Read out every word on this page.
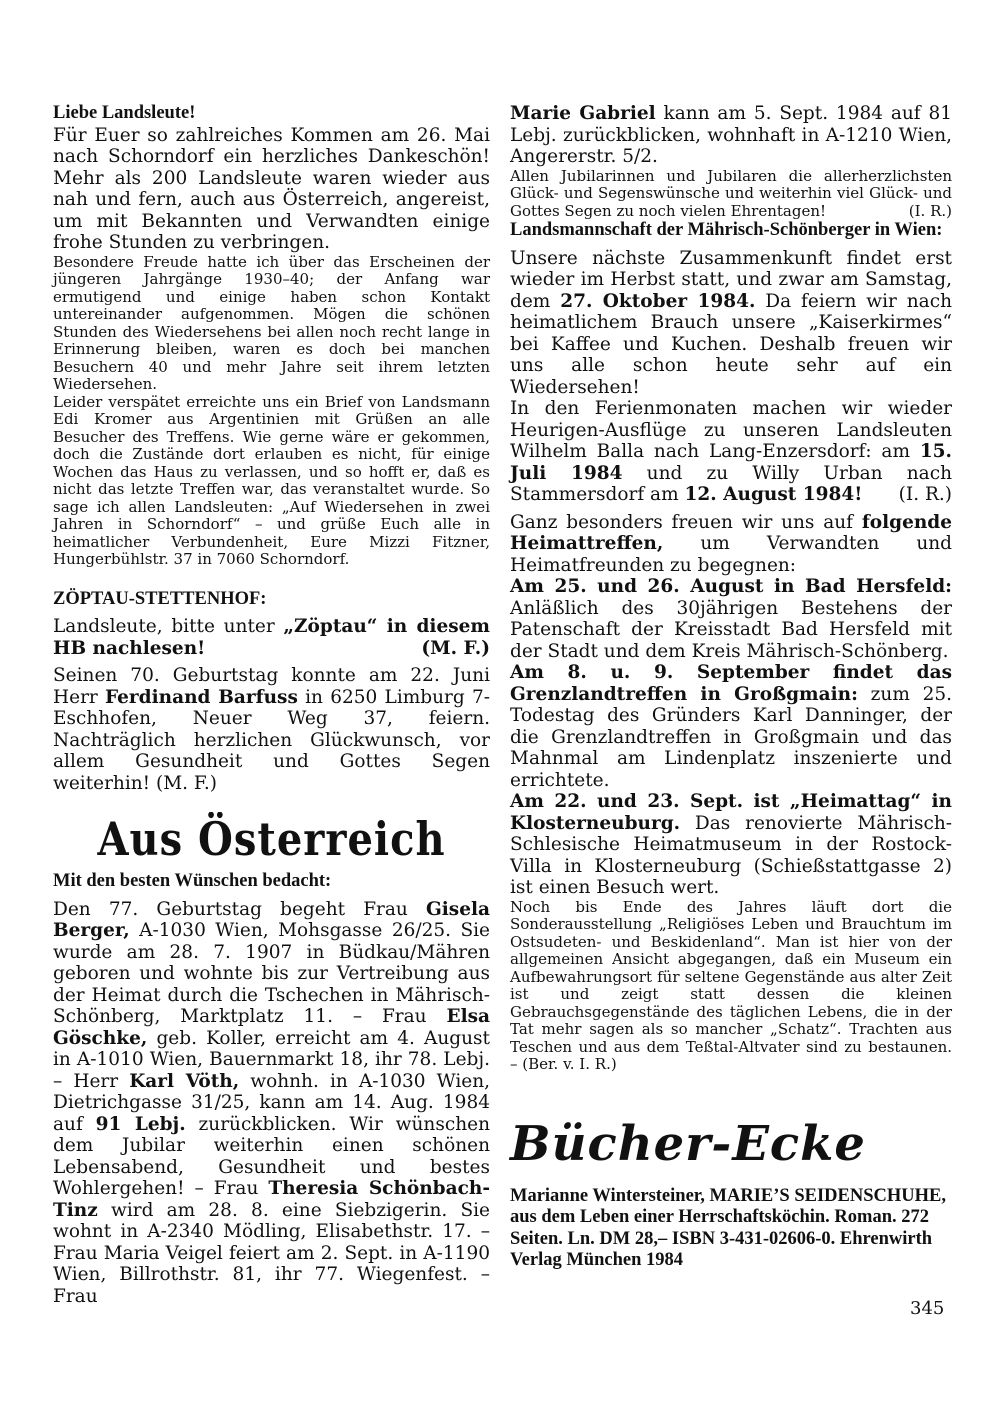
Liebe Landsleute!

Für Euer so zahlreiches Kommen am 26. Mai nach Schorndorf ein herzliches Dankeschön! Mehr als 200 Landsleute waren wieder aus nah und fern, auch aus Österreich, angereist, um mit Bekannten und Verwandten einige frohe Stunden zu verbringen.

Besondere Freude hatte ich über das Erscheinen der jüngeren Jahrgänge 1930–40; der Anfang war ermutigend und einige haben schon Kontakt untereinander aufgenommen. Mögen die schönen Stunden des Wiedersehens bei allen noch recht lange in Erinnerung bleiben, waren es doch bei manchen Besuchern 40 und mehr Jahre seit ihrem letzten Wiedersehen.

Leider verspätet erreichte uns ein Brief von Landsmann Edi Kromer aus Argentinien mit Grüßen an alle Besucher des Treffens. Wie gerne wäre er gekommen, doch die Zustände dort erlauben es nicht, für einige Wochen das Haus zu verlassen, und so hofft er, daß es nicht das letzte Treffen war, das veranstaltet wurde. So sage ich allen Landsleuten: „Auf Wiedersehen in zwei Jahren in Schorndorf“ – und grüße Euch alle in heimatlicher Verbundenheit, Eure Mizzi Fitzner, Hungerbühlstr. 37 in 7060 Schorndorf.

ZÖPTAU-STETTENHOF:

Landsleute, bitte unter „Zöptau“ in diesem HB nachlesen!	(M. F.)

Seinen 70. Geburtstag konnte am 22. Juni Herr Ferdinand Barfuss in 6250 Limburg 7-Eschhofen, Neuer Weg 37, feiern. Nachträglich herzlichen Glückwunsch, vor allem Gesundheit und Gottes Segen weiterhin! (M. F.)

Aus Österreich

Mit den besten Wünschen bedacht:

Den 77. Geburtstag begeht Frau Gisela Berger, A-1030 Wien, Mohsgasse 26/25. Sie wurde am 28. 7. 1907 in Büdkau/Mähren geboren und wohnte bis zur Vertreibung aus der Heimat durch die Tschechen in Mährisch-Schönberg, Marktplatz 11. – Frau Elsa Göschke, geb. Koller, erreicht am 4. August in A-1010 Wien, Bauernmarkt 18, ihr 78. Lebj. – Herr Karl Vöth, wohnh. in A-1030 Wien, Dietrichgasse 31/25, kann am 14. Aug. 1984 auf 91 Lebj. zurückblicken. Wir wünschen dem Jubilar weiterhin einen schönen Lebensabend, Gesundheit und bestes Wohlergehen! – Frau Theresia Schönbach-Tinz wird am 28. 8. eine Siebzigerin. Sie wohnt in A-2340 Mödling, Elisabethstr. 17. – Frau Maria Veigel feiert am 2. Sept. in A-1190 Wien, Billrothstr. 81, ihr 77. Wiegenfest. – Frau

Marie Gabriel kann am 5. Sept. 1984 auf 81 Lebj. zurückblicken, wohnhaft in A-1210 Wien, Angererstr. 5/2.

Allen Jubilarinnen und Jubilaren die allerherzlichsten Glück- und Segenswünsche und weiterhin viel Glück- und Gottes Segen zu noch vielen Ehrentagen!	(I. R.)

Landsmannschaft der Mährisch-Schönberger in Wien:

Unsere nächste Zusammenkunft findet erst wieder im Herbst statt, und zwar am Samstag, dem 27. Oktober 1984. Da feiern wir nach heimatlichem Brauch unsere „Kaiserkirmes“ bei Kaffee und Kuchen. Deshalb freuen wir uns alle schon heute sehr auf ein Wiedersehen!

In den Ferienmonaten machen wir wieder Heurigen-Ausflüge zu unseren Landsleuten Wilhelm Balla nach Lang-Enzersdorf: am 15. Juli 1984 und zu Willy Urban nach Stammersdorf am 12. August 1984! (I. R.)

Ganz besonders freuen wir uns auf folgende Heimattreffen, um Verwandten und Heimatfreunden zu begegnen:

Am 25. und 26. August in Bad Hersfeld: Anläßlich des 30jährigen Bestehens der Patenschaft der Kreisstadt Bad Hersfeld mit der Stadt und dem Kreis Mährisch-Schönberg.

Am 8. u. 9. September findet das Grenzlandtreffen in Großgmain: zum 25. Todestag des Gründers Karl Danninger, der die Grenzlandtreffen in Großgmain und das Mahnmal am Lindenplatz inszenierte und errichtete.

Am 22. und 23. Sept. ist „Heimattag“ in Klosterneuburg. Das renovierte Mährisch-Schlesische Heimatmuseum in der Rostock-Villa in Klosterneuburg (Schießstattgasse 2) ist einen Besuch wert.

Noch bis Ende des Jahres läuft dort die Sonderausstellung „Religiöses Leben und Brauchtum im Ostsudeten- und Beskidenland“. Man ist hier von der allgemeinen Ansicht abgegangen, daß ein Museum ein Aufbewahrungsort für seltene Gegenstände aus alter Zeit ist und zeigt statt dessen die kleinen Gebrauchsgegenstände des täglichen Lebens, die in der Tat mehr sagen als so mancher „Schatz“. Trachten aus Teschen und aus dem Teßtal-Altvater sind zu bestaunen. – (Ber. v. I. R.)

Bücher-Ecke

Marianne Wintersteiner, MARIE’S SEIDENSCHUHE, aus dem Leben einer Herrschaftsköchin. Roman. 272 Seiten. Ln. DM 28,– ISBN 3-431-02606-0. Ehrenwirth Verlag München 1984

345
